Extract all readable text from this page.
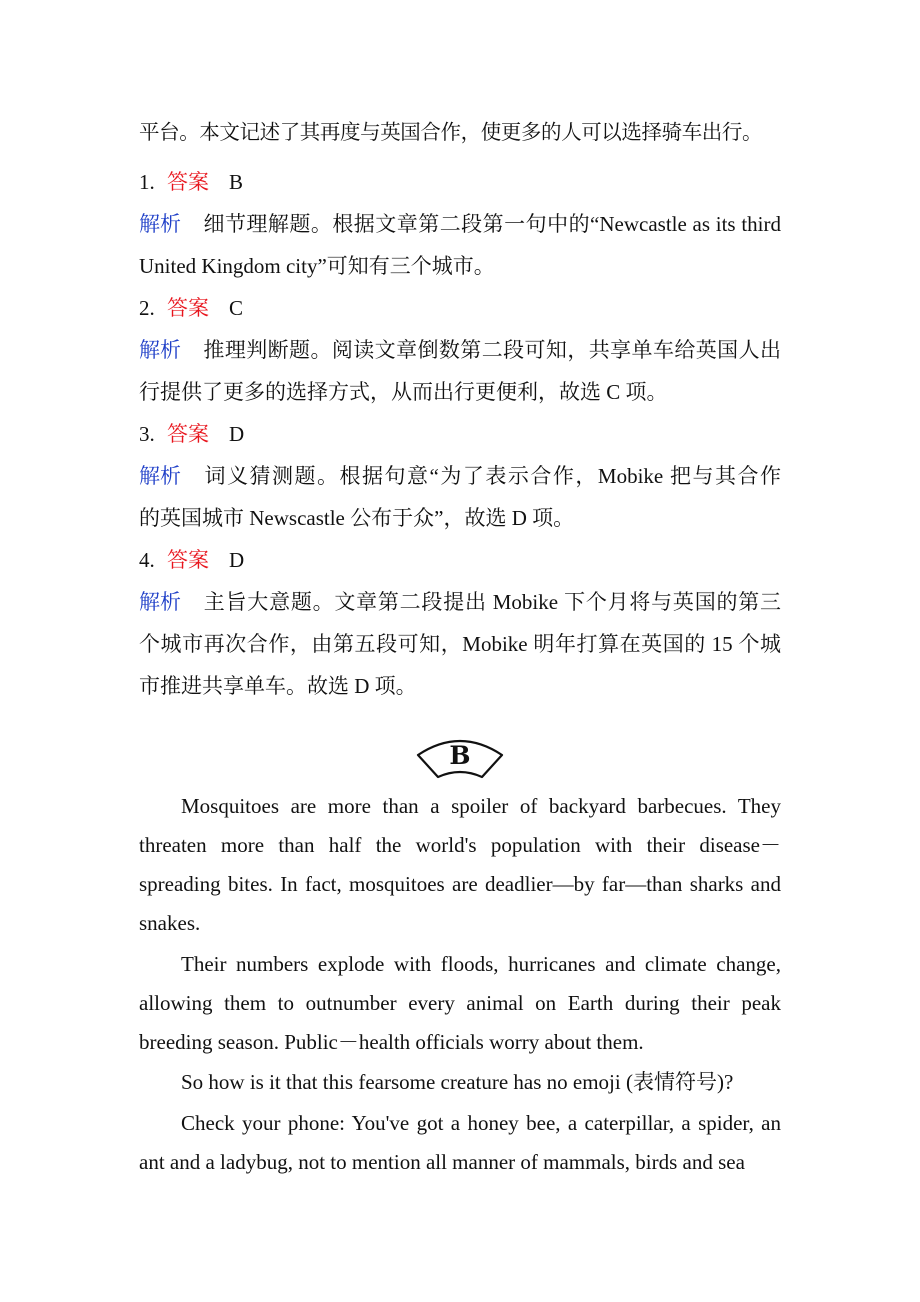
平台。本文记述了其再度与英国合作，使更多的人可以选择骑车出行。
1. 答案 B
解析 细节理解题。根据文章第二段第一句中的“Newcastle as its third
United Kingdom city”可知有三个城市。
2. 答案 C
解析 推理判断题。阅读文章倒数第二段可知，共享单车给英国人出
行提供了更多的选择方式，从而出行更便利，故选 C 项。
3. 答案 D
解析 词义猜测题。根据句意“为了表示合作，Mobike 把与其合作
的英国城市 Newscastle 公布于众”，故选 D 项。
4. 答案 D
解析 主旨大意题。文章第二段提出 Mobike 下个月将与英国的第三
个城市再次合作，由第五段可知，Mobike 明年打算在英国的 15 个城
市推进共享单车。故选 D 项。
B
Mosquitoes are more than a spoiler of backyard barbecues. They threaten more than half the world's population with their disease－spreading bites. In fact, mosquitoes are deadlier—by far—than sharks and snakes.
Their numbers explode with floods, hurricanes and climate change, allowing them to outnumber every animal on Earth during their peak breeding season. Public－health officials worry about them.
So how is it that this fearsome creature has no emoji (表情符号)?
Check your phone: You've got a honey bee, a caterpillar, a spider, an ant and a ladybug, not to mention all manner of mammals, birds and sea
